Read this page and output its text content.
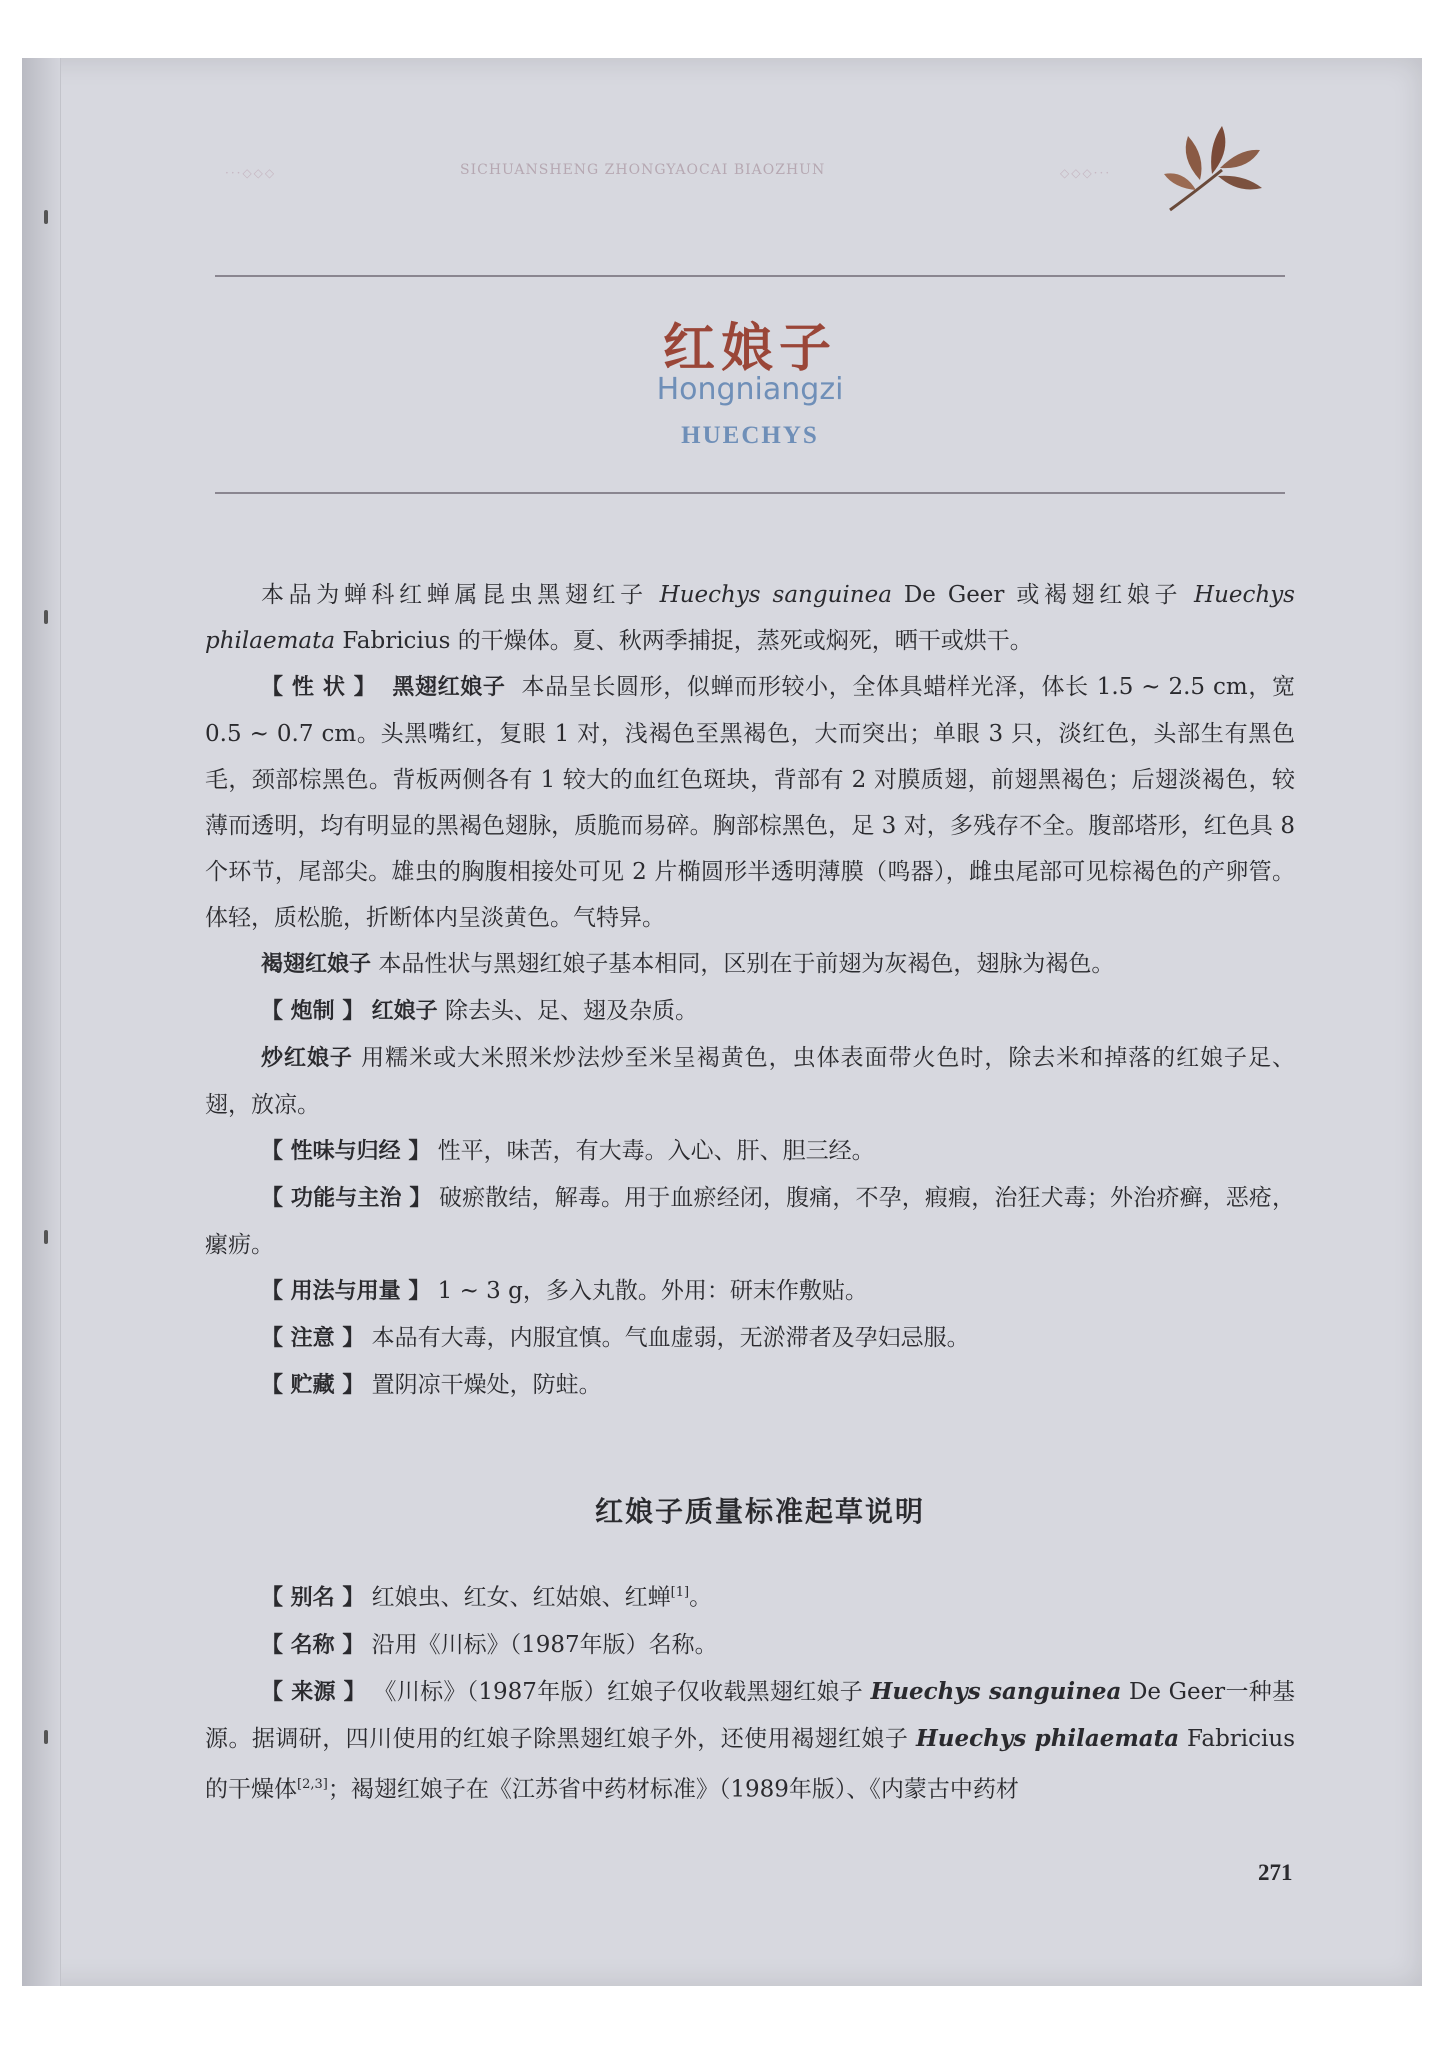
···◇◇◇	SICHUANSHENG ZHONGYAOCAI BIAOZHUN	◇◇◇···
红娘子
Hongniangzi
HUECHYS

本品为蝉科红蝉属昆虫黑翅红子 Huechys sanguinea De Geer 或褐翅红娘子 Huechys philaemata Fabricius 的干燥体。夏、秋两季捕捉，蒸死或焖死，晒干或烘干。

【 性 状 】 黑翅红娘子 本品呈长圆形，似蝉而形较小，全体具蜡样光泽，体长 1.5 ~ 2.5 cm，宽 0.5 ~ 0.7 cm。头黑嘴红，复眼 1 对，浅褐色至黑褐色，大而突出；单眼 3 只，淡红色，头部生有黑色毛，颈部棕黑色。背板两侧各有 1 较大的血红色斑块，背部有 2 对膜质翅，前翅黑褐色；后翅淡褐色，较薄而透明，均有明显的黑褐色翅脉，质脆而易碎。胸部棕黑色，足 3 对，多残存不全。腹部塔形，红色具 8 个环节，尾部尖。雄虫的胸腹相接处可见 2 片椭圆形半透明薄膜（鸣器），雌虫尾部可见棕褐色的产卵管。体轻，质松脆，折断体内呈淡黄色。气特异。

褐翅红娘子 本品性状与黑翅红娘子基本相同，区别在于前翅为灰褐色，翅脉为褐色。

【 炮制 】 红娘子 除去头、足、翅及杂质。

炒红娘子 用糯米或大米照米炒法炒至米呈褐黄色，虫体表面带火色时，除去米和掉落的红娘子足、翅，放凉。

【 性味与归经 】 性平，味苦，有大毒。入心、肝、胆三经。

【 功能与主治 】 破瘀散结，解毒。用于血瘀经闭，腹痛，不孕，瘕瘕，治狂犬毒；外治疥癣，恶疮，瘰疬。

【 用法与用量 】 1 ~ 3 g，多入丸散。外用：研末作敷贴。

【 注意 】 本品有大毒，内服宜慎。气血虚弱，无淤滞者及孕妇忌服。

【 贮藏 】 置阴凉干燥处，防蛀。

红娘子质量标准起草说明

【 别名 】 红娘虫、红女、红姑娘、红蝉[1]。

【 名称 】 沿用《川标》（1987年版）名称。

【 来源 】 《川标》（1987年版）红娘子仅收载黑翅红娘子 Huechys sanguinea De Geer一种基源。据调研，四川使用的红娘子除黑翅红娘子外，还使用褐翅红娘子 Huechys philaemata Fabricius的干燥体[2,3]；褐翅红娘子在《江苏省中药材标准》（1989年版）、《内蒙古中药材

271
